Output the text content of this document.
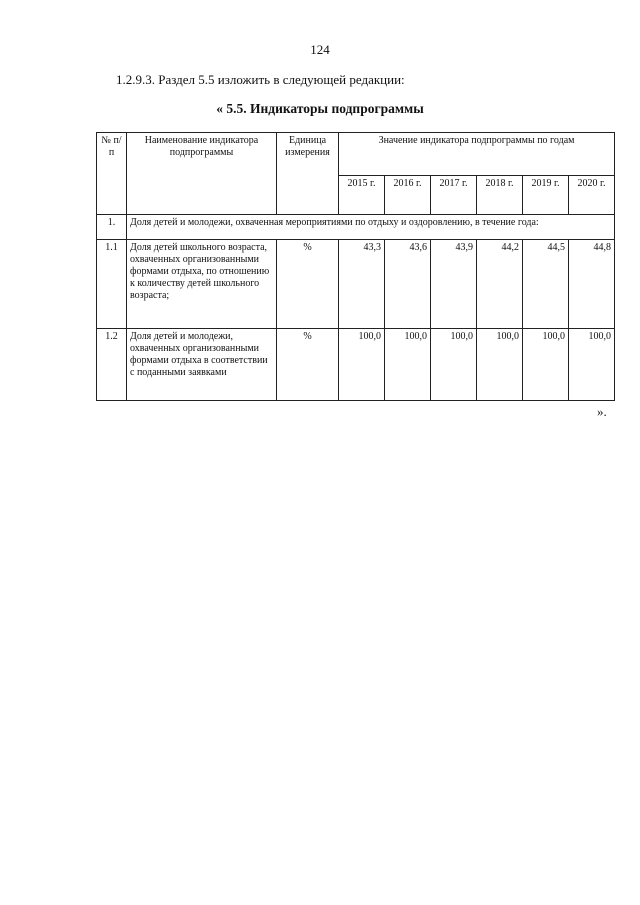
124
1.2.9.3. Раздел 5.5 изложить в следующей редакции:
« 5.5. Индикаторы подпрограммы
№ п/п	Наименование индикатора подпрограммы	Единица измерения	Значение индикатора подпрограммы по годам					
			2015 г.	2016 г.	2017 г.	2018 г.	2019 г.	2020 г.
1.	Доля детей и молодежи, охваченная мероприятиями по отдыху и оздоровлению, в течение года:							
1.1	Доля детей школьного возраста, охваченных организованными формами отдыха, по отношению к количеству детей школьного возраста;	%	43,3	43,6	43,9	44,2	44,5	44,8
1.2	Доля детей и молодежи, охваченных организованными формами отдыха в соответствии с поданными заявками	%	100,0	100,0	100,0	100,0	100,0	100,0
».
